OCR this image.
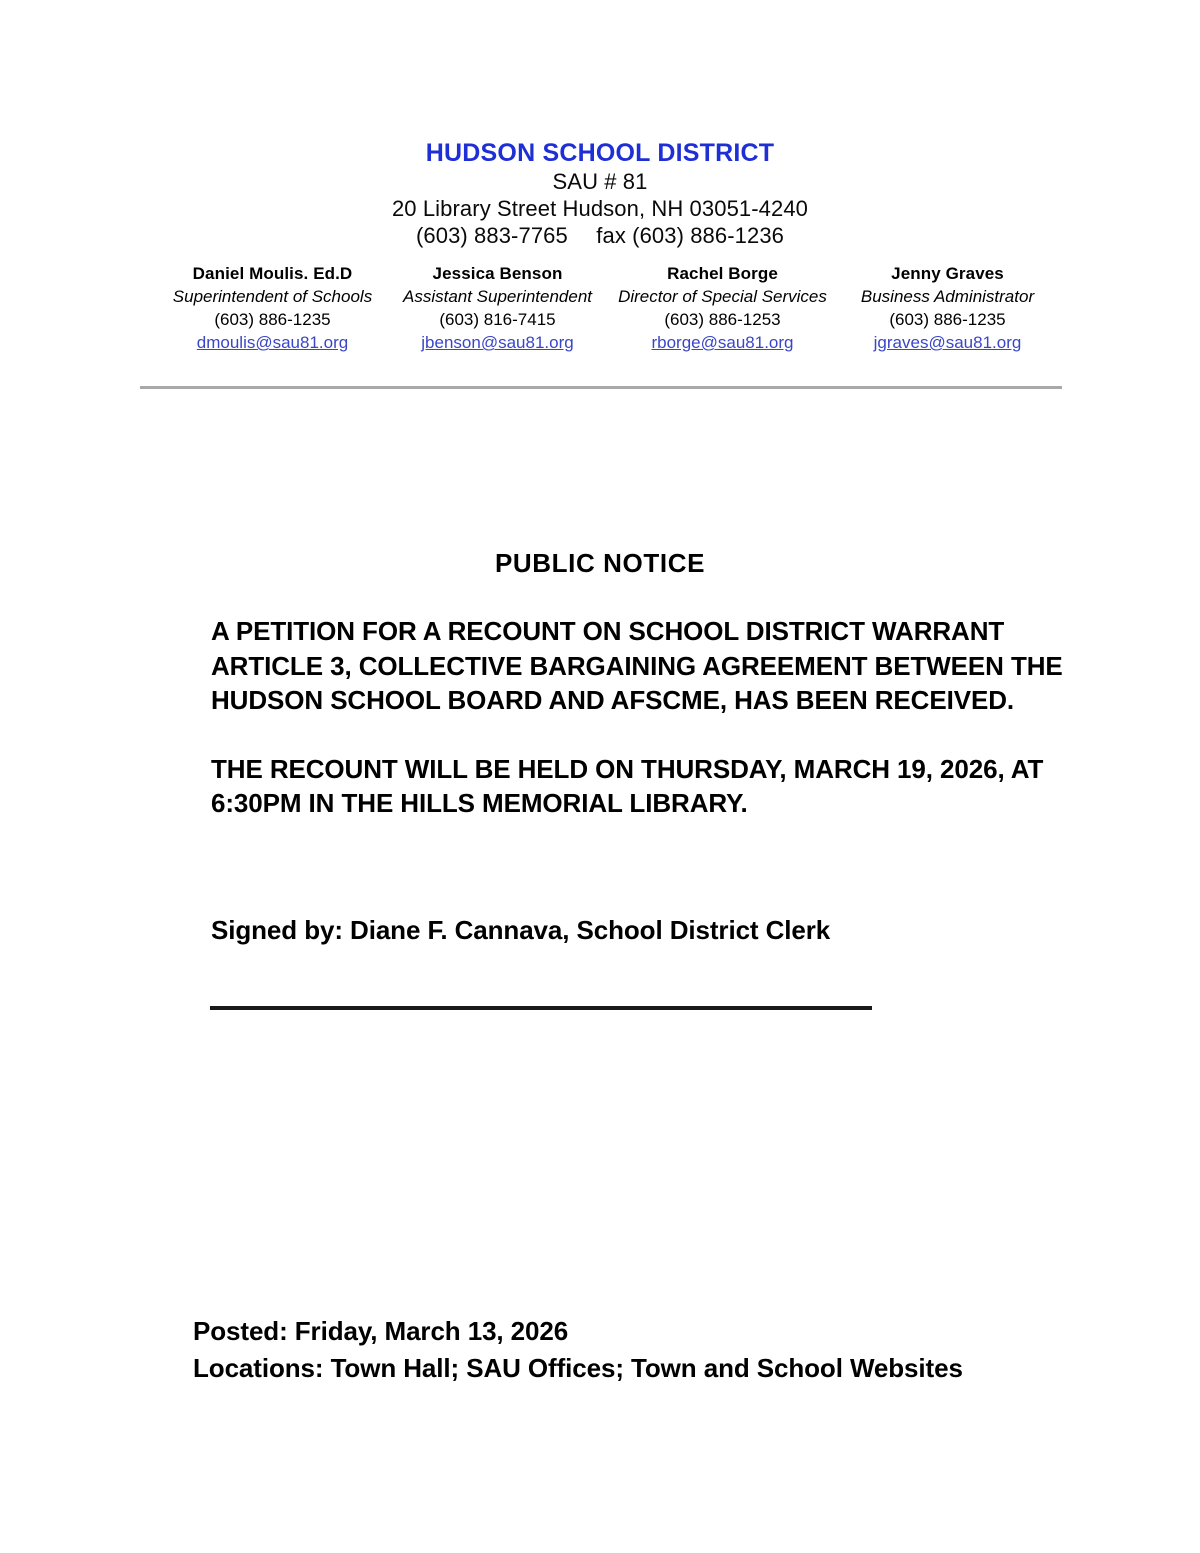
HUDSON SCHOOL DISTRICT
SAU # 81
20 Library Street Hudson, NH 03051-4240
(603) 883-7765 fax (603) 886-1236
Daniel Moulis. Ed.D
Superintendent of Schools
(603) 886-1235
dmoulis@sau81.org
Jessica Benson
Assistant Superintendent
(603) 816-7415
jbenson@sau81.org
Rachel Borge
Director of Special Services
(603) 886-1253
rborge@sau81.org
Jenny Graves
Business Administrator
(603) 886-1235
jgraves@sau81.org
PUBLIC NOTICE

A PETITION FOR A RECOUNT ON SCHOOL DISTRICT WARRANT ARTICLE 3, COLLECTIVE BARGAINING AGREEMENT BETWEEN THE HUDSON SCHOOL BOARD AND AFSCME, HAS BEEN RECEIVED.

THE RECOUNT WILL BE HELD ON THURSDAY, MARCH 19, 2026, AT 6:30PM IN THE HILLS MEMORIAL LIBRARY.

Signed by: Diane F. Cannava, School District Clerk
Posted: Friday, March 13, 2026
Locations: Town Hall; SAU Offices; Town and School Websites
